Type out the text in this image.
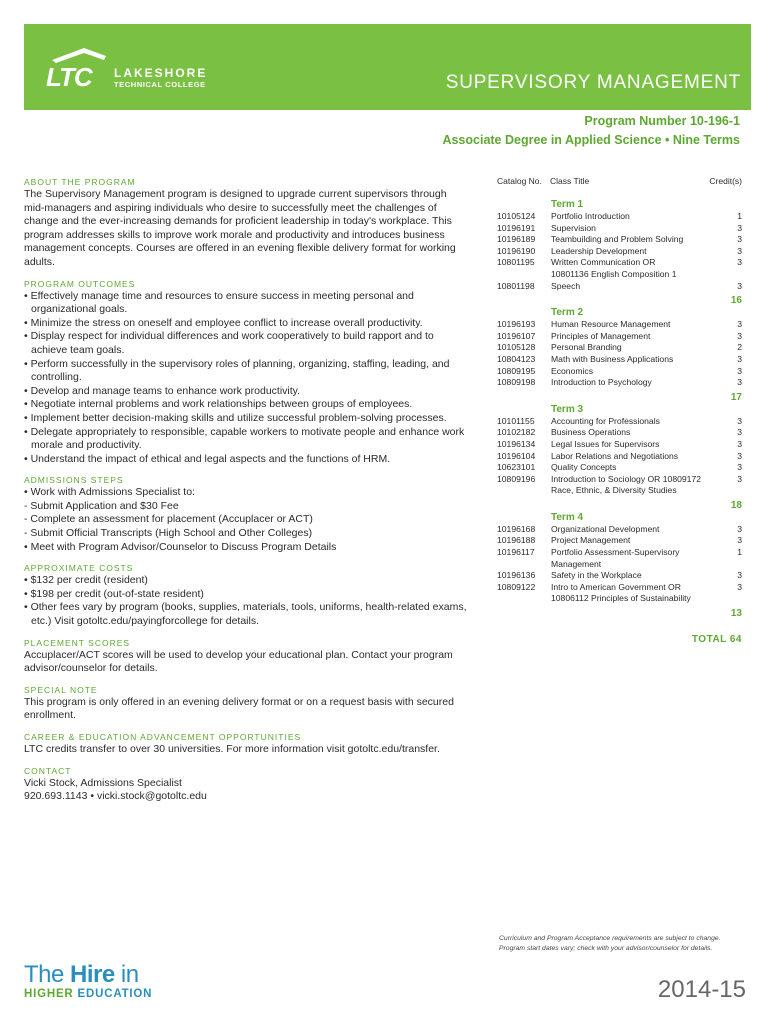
LTC LAKESHORE
TECHNICAL COLLEGE	SUPERVISORY MANAGEMENT
Program Number 10-196-1
Associate Degree in Applied Science • Nine Terms
ABOUT THE PROGRAM
The Supervisory Management program is designed to upgrade current supervisors through mid-managers and aspiring individuals who desire to successfully meet the challenges of change and the ever-increasing demands for proficient leadership in today's workplace. This program addresses skills to improve work morale and productivity and introduces business management concepts. Courses are offered in an evening flexible delivery format for working adults.
PROGRAM OUTCOMES
• Effectively manage time and resources to ensure success in meeting personal and organizational goals.
• Minimize the stress on oneself and employee conflict to increase overall productivity.
• Display respect for individual differences and work cooperatively to build rapport and to achieve team goals.
• Perform successfully in the supervisory roles of planning, organizing, staffing, leading, and controlling.
• Develop and manage teams to enhance work productivity.
• Negotiate internal problems and work relationships between groups of employees.
• Implement better decision-making skills and utilize successful problem-solving processes.
• Delegate appropriately to responsible, capable workers to motivate people and enhance work morale and productivity.
• Understand the impact of ethical and legal aspects and the functions of HRM.
ADMISSIONS STEPS
• Work with Admissions Specialist to:
- Submit Application and $30 Fee
- Complete an assessment for placement (Accuplacer or ACT)
- Submit Official Transcripts (High School and Other Colleges)
• Meet with Program Advisor/Counselor to Discuss Program Details
APPROXIMATE COSTS
• $132 per credit (resident)
• $198 per credit (out-of-state resident)
• Other fees vary by program (books, supplies, materials, tools, uniforms, health-related exams, etc.) Visit gotoltc.edu/payingforcollege for details.
PLACEMENT SCORES
Accuplacer/ACT scores will be used to develop your educational plan. Contact your program advisor/counselor for details.
SPECIAL NOTE
This program is only offered in an evening delivery format or on a request basis with secured enrollment.
CAREER & EDUCATION ADVANCEMENT OPPORTUNITIES
LTC credits transfer to over 30 universities. For more information visit gotoltc.edu/transfer.
CONTACT
Vicki Stock, Admissions Specialist
920.693.1143 • vicki.stock@gotoltc.edu
Catalog No. Class Title	Credit(s)
Term 1
10105124	Portfolio Introduction	1
10196191	Supervision	3
10196189	Teambuilding and Problem Solving	3
10196190	Leadership Development	3
10801195	Written Communication OR	3
10801136 English Composition 1
10801198	Speech	3
16
Term 2
10196193	Human Resource Management	3
10196107	Principles of Management	3
10105128	Personal Branding	2
10804123	Math with Business Applications	3
10809195	Economics	3
10809198	Introduction to Psychology	3
17
Term 3
10101155	Accounting for Professionals	3
10102182	Business Operations	3
10196134	Legal Issues for Supervisors	3
10196104	Labor Relations and Negotiations	3
10623101	Quality Concepts	3
10809196	Introduction to Sociology OR 10809172	3
Race, Ethnic, & Diversity Studies
18
Term 4
10196168	Organizational Development	3
10196188	Project Management	3
10196117	Portfolio Assessment-Supervisory	1
Management
10196136	Safety in the Workplace	3
10809122	Intro to American Government OR	3
10806112 Principles of Sustainability
13
TOTAL 64
Curriculum and Program Acceptance requirements are subject to change.
Program start dates vary; check with your advisor/counselor for details.
The Hire in
HIGHER EDUCATION	2014-15
